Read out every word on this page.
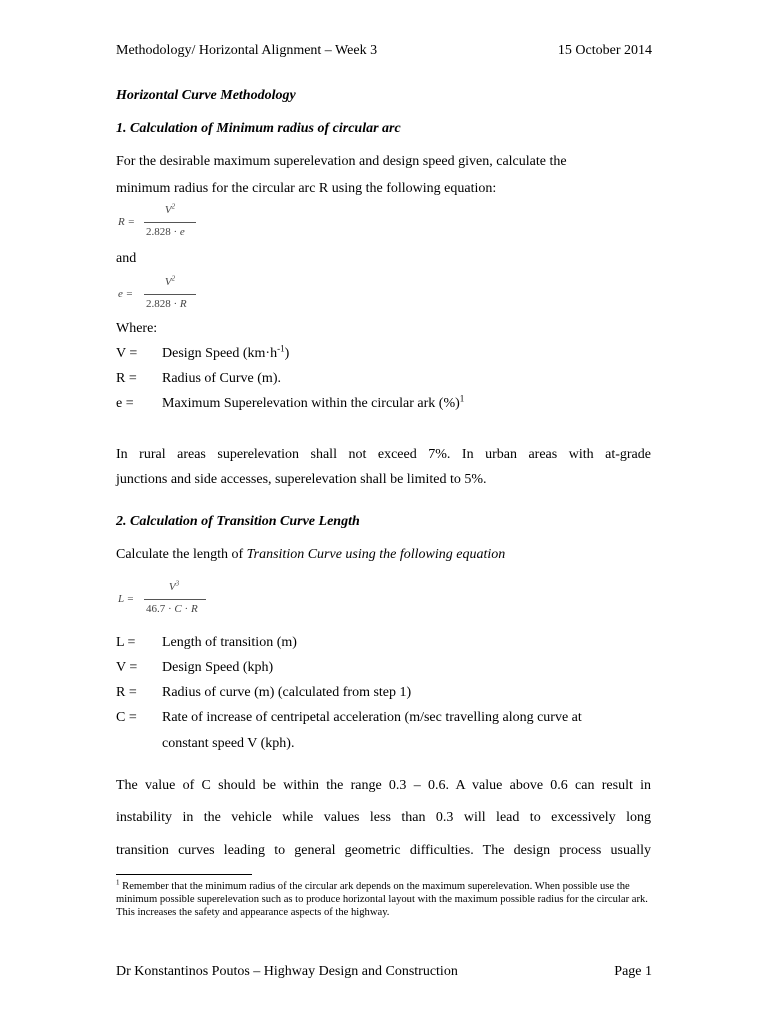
Methodology/ Horizontal Alignment – Week 3	15 October 2014
Horizontal Curve Methodology
1. Calculation of Minimum radius of circular arc
For the desirable maximum superelevation and design speed given, calculate the
minimum radius for the circular arc R using the following equation:
R =
$V^2$
2.828 · e
and
e =
$V^2$
2.828 · R
Where:
V = Design Speed $(km\cdot h^{-1})$
R = Radius of Curve (m).
e = Maximum Superelevation within the circular ark (%)$^1$
In rural areas superelevation shall not exceed 7%. In urban areas with at-grade
junctions and side accesses, superelevation shall be limited to 5%.
2. Calculation of Transition Curve Length
Calculate the length of Transition Curve using the following equation
L =
$V^3$
46.7 · C · R
L = Length of transition (m)
V = Design Speed (kph)
R = Radius of curve (m) (calculated from step 1)
C = Rate of increase of centripetal acceleration (m/sec travelling along curve at
constant speed V (kph).
The value of C should be within the range 0.3 – 0.6. A value above 0.6 can result in
instability in the vehicle while values less than 0.3 will lead to excessively long
transition curves leading to general geometric difficulties. The design process usually
$^1$ Remember that the minimum radius of the circular ark depends on the maximum superelevation. When possible use the minimum possible superelevation such as to produce horizontal layout with the maximum possible radius for the circular ark. This increases the safety and appearance aspects of the highway.
Dr Konstantinos Poutos – Highway Design and Construction	Page 1
